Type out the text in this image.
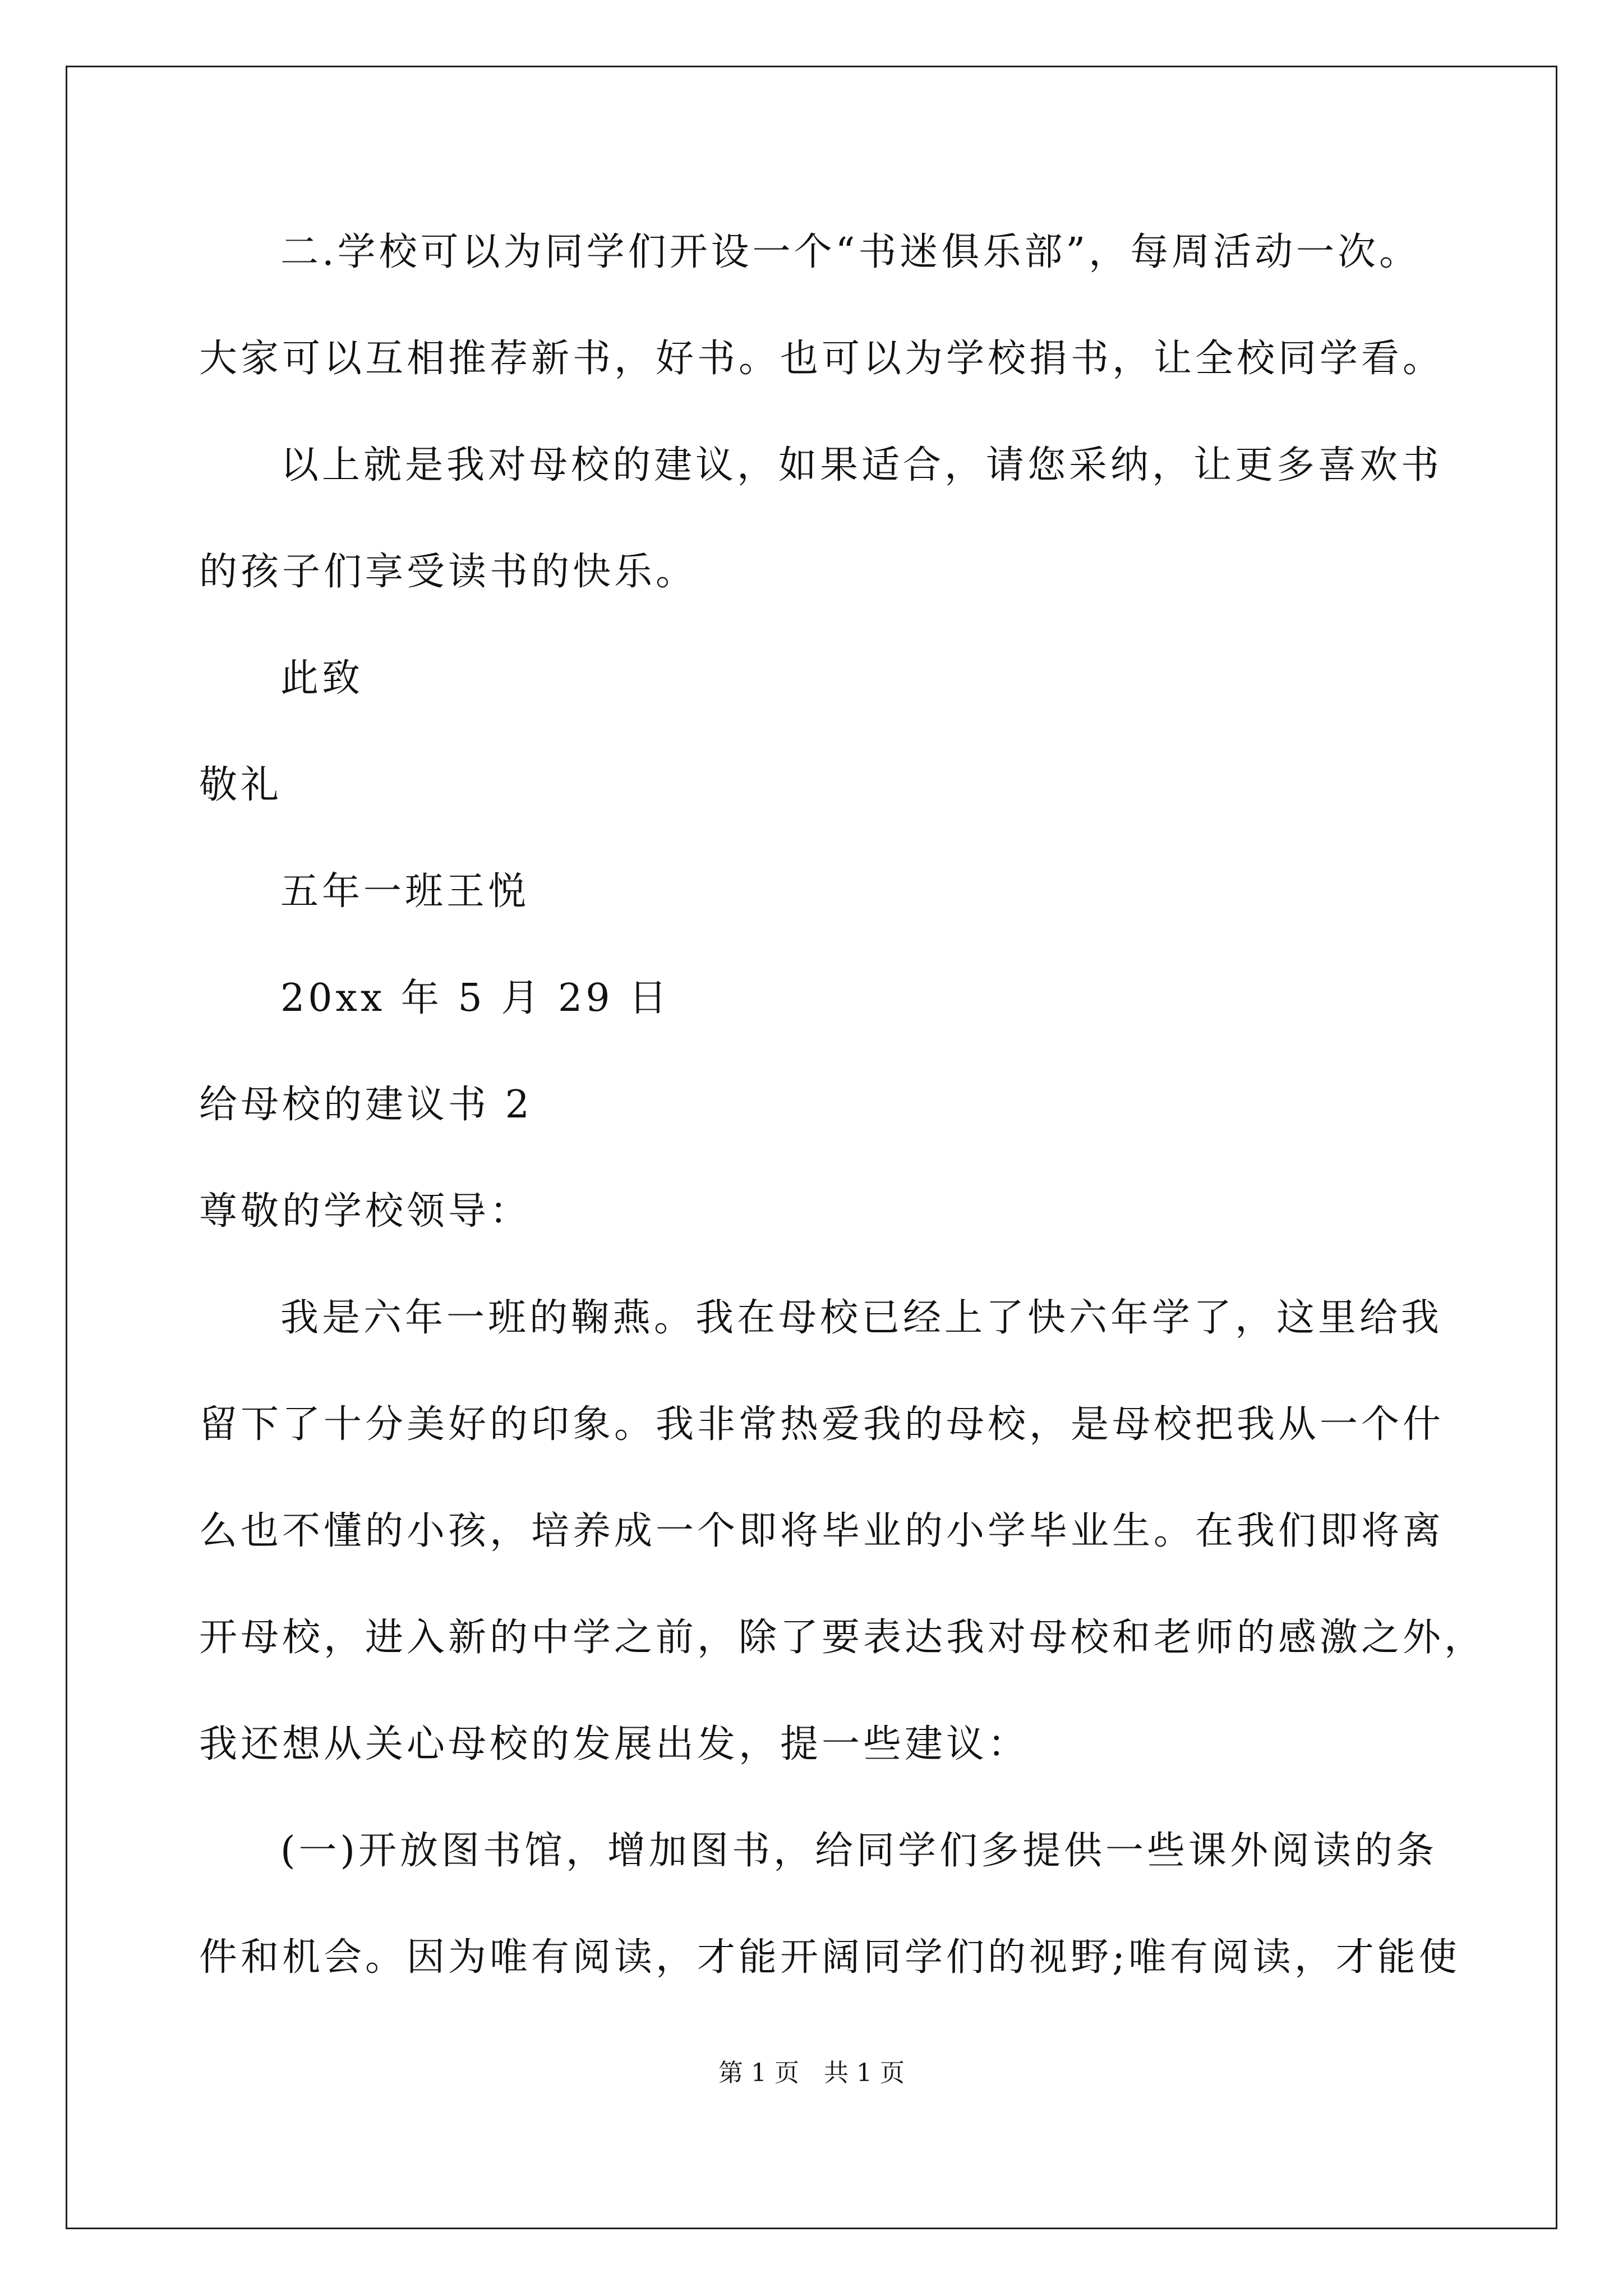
二.学校可以为同学们开设一个“书迷俱乐部”，每周活动一次。
大家可以互相推荐新书，好书。也可以为学校捐书，让全校同学看。
以上就是我对母校的建议，如果适合，请您采纳，让更多喜欢书
的孩子们享受读书的快乐。
此致
敬礼
五年一班王悦
20xx 年 5 月 29 日
给母校的建议书 2
尊敬的学校领导：
我是六年一班的鞠燕。我在母校已经上了快六年学了，这里给我
留下了十分美好的印象。我非常热爱我的母校，是母校把我从一个什
么也不懂的小孩，培养成一个即将毕业的小学毕业生。在我们即将离
开母校，进入新的中学之前，除了要表达我对母校和老师的感激之外，
我还想从关心母校的发展出发，提一些建议：
(一)开放图书馆，增加图书，给同学们多提供一些课外阅读的条
件和机会。因为唯有阅读，才能开阔同学们的视野;唯有阅读，才能使
第 1 页　共 1 页
